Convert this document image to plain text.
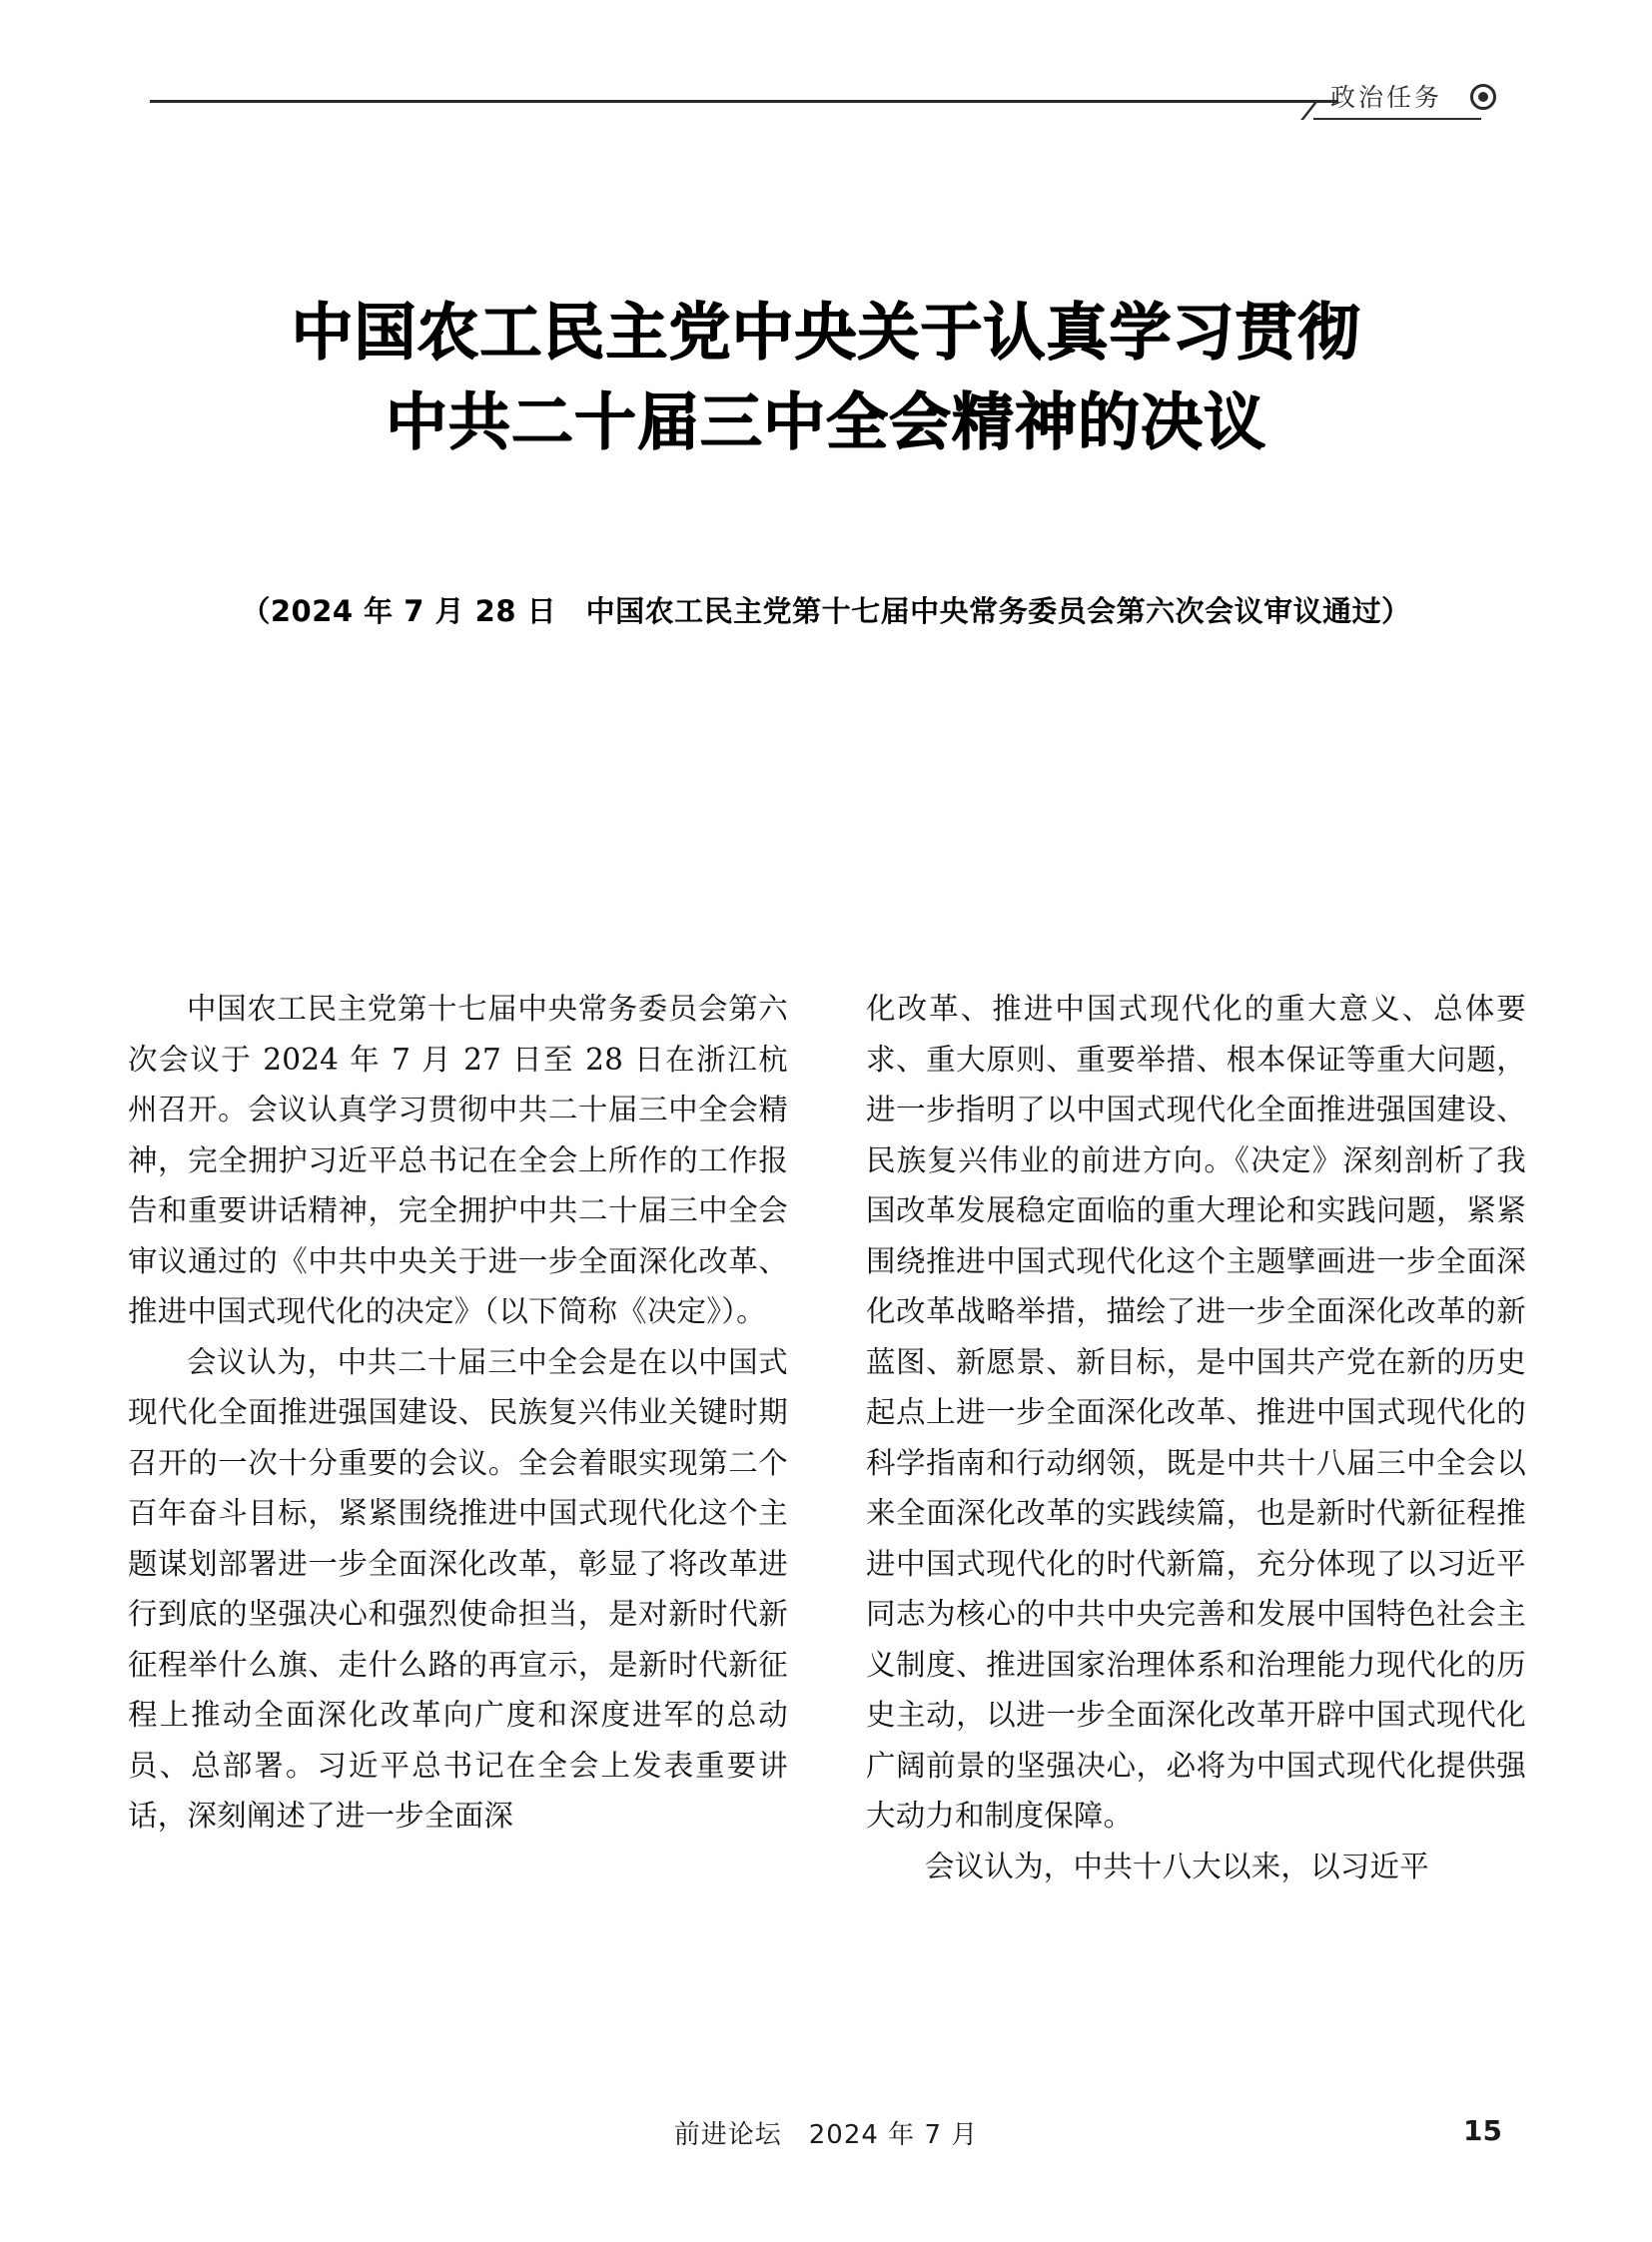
政治任务
中国农工民主党中央关于认真学习贯彻
中共二十届三中全会精神的决议
（2024 年 7 月 28 日　中国农工民主党第十七届中央常务委员会第六次会议审议通过）

中国农工民主党第十七届中央常务委员会第六次会议于 2024 年 7 月 27 日至 28 日在浙江杭州召开。会议认真学习贯彻中共二十届三中全会精神，完全拥护习近平总书记在全会上所作的工作报告和重要讲话精神，完全拥护中共二十届三中全会审议通过的《中共中央关于进一步全面深化改革、推进中国式现代化的决定》（以下简称《决定》）。

会议认为，中共二十届三中全会是在以中国式现代化全面推进强国建设、民族复兴伟业关键时期召开的一次十分重要的会议。全会着眼实现第二个百年奋斗目标，紧紧围绕推进中国式现代化这个主题谋划部署进一步全面深化改革，彰显了将改革进行到底的坚强决心和强烈使命担当，是对新时代新征程举什么旗、走什么路的再宣示，是新时代新征程上推动全面深化改革向广度和深度进军的总动员、总部署。习近平总书记在全会上发表重要讲话，深刻阐述了进一步全面深

化改革、推进中国式现代化的重大意义、总体要求、重大原则、重要举措、根本保证等重大问题，进一步指明了以中国式现代化全面推进强国建设、民族复兴伟业的前进方向。《决定》深刻剖析了我国改革发展稳定面临的重大理论和实践问题，紧紧围绕推进中国式现代化这个主题擘画进一步全面深化改革战略举措，描绘了进一步全面深化改革的新蓝图、新愿景、新目标，是中国共产党在新的历史起点上进一步全面深化改革、推进中国式现代化的科学指南和行动纲领，既是中共十八届三中全会以来全面深化改革的实践续篇，也是新时代新征程推进中国式现代化的时代新篇，充分体现了以习近平同志为核心的中共中央完善和发展中国特色社会主义制度、推进国家治理体系和治理能力现代化的历史主动，以进一步全面深化改革开辟中国式现代化广阔前景的坚强决心，必将为中国式现代化提供强大动力和制度保障。

会议认为，中共十八大以来，以习近平

前进论坛　2024 年 7 月	15
